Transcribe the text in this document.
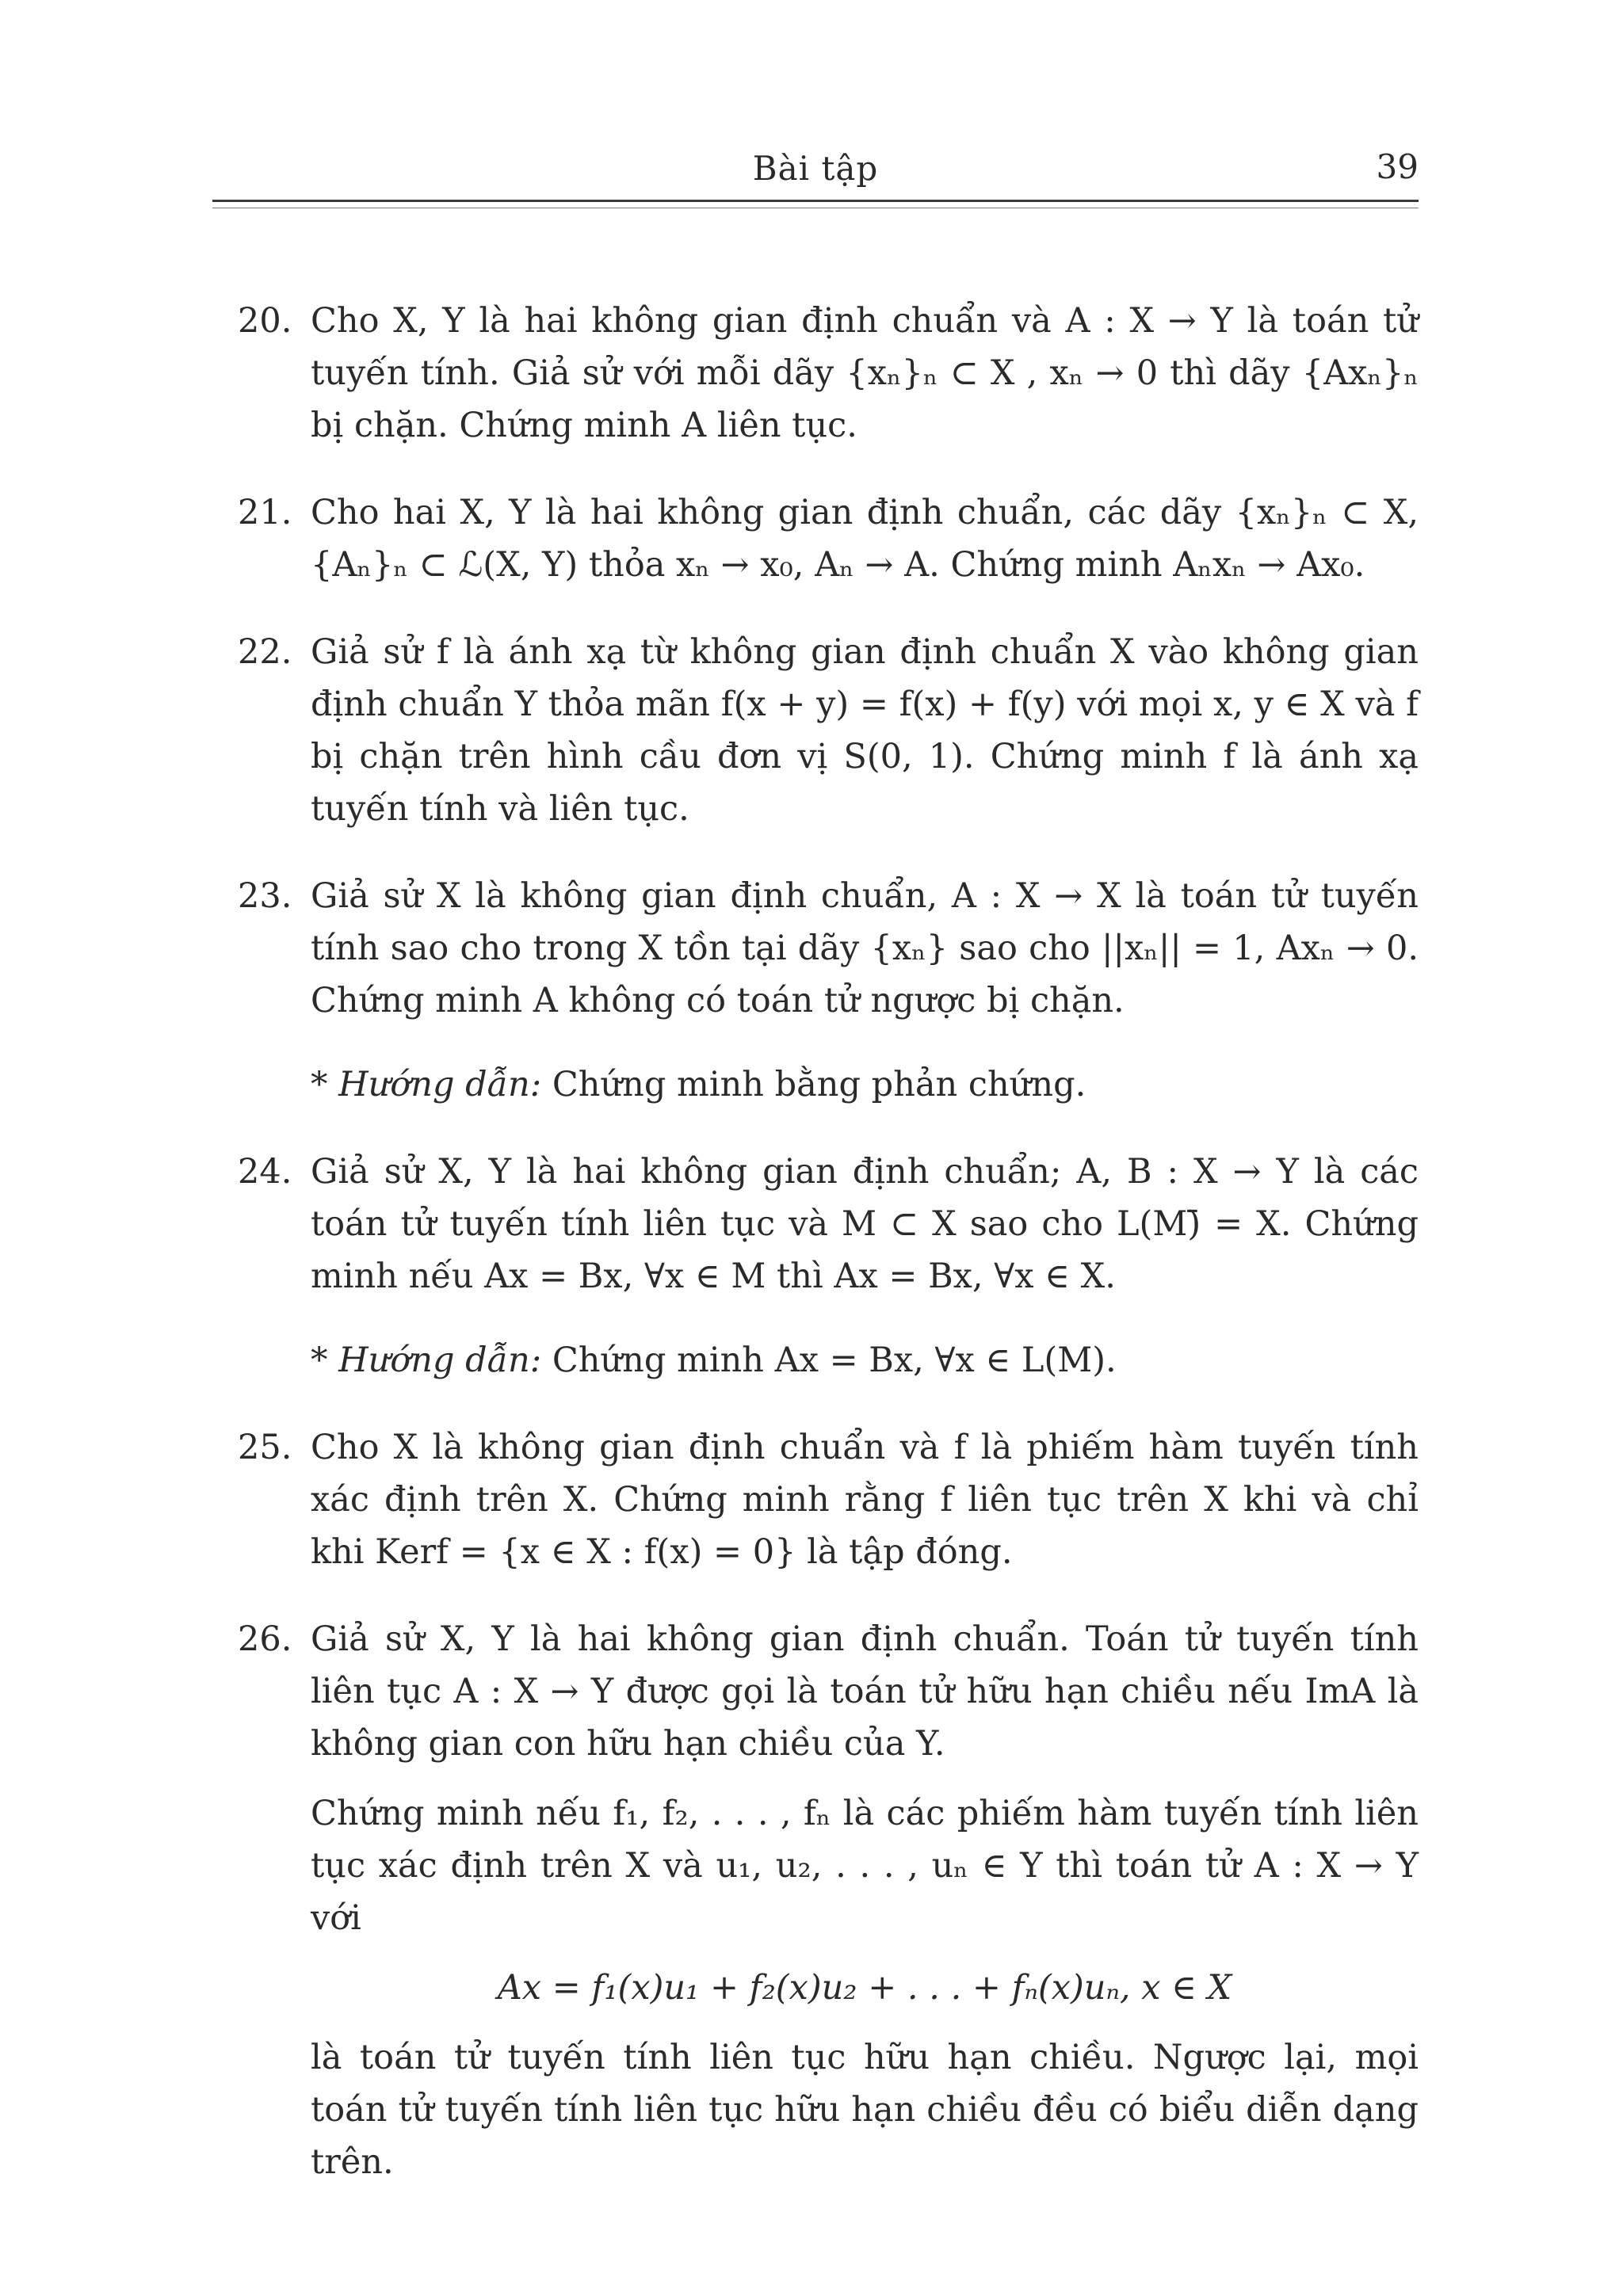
Bài tập	39
20. Cho X, Y là hai không gian định chuẩn và A : X → Y là toán tử tuyến tính. Giả sử với mỗi dãy {xₙ}ₙ ⊂ X , xₙ → 0 thì dãy {Axₙ}ₙ bị chặn. Chứng minh A liên tục.
21. Cho hai X, Y là hai không gian định chuẩn, các dãy {xₙ}ₙ ⊂ X, {Aₙ}ₙ ⊂ ℒ(X, Y) thỏa xₙ → x₀, Aₙ → A. Chứng minh Aₙxₙ → Ax₀.
22. Giả sử f là ánh xạ từ không gian định chuẩn X vào không gian định chuẩn Y thỏa mãn f(x + y) = f(x) + f(y) với mọi x, y ∈ X và f bị chặn trên hình cầu đơn vị S(0, 1). Chứng minh f là ánh xạ tuyến tính và liên tục.
23. Giả sử X là không gian định chuẩn, A : X → X là toán tử tuyến tính sao cho trong X tồn tại dãy {xₙ} sao cho ||xₙ|| = 1, Axₙ → 0. Chứng minh A không có toán tử ngược bị chặn.
* Hướng dẫn: Chứng minh bằng phản chứng.
24. Giả sử X, Y là hai không gian định chuẩn; A, B : X → Y là các toán tử tuyến tính liên tục và M ⊂ X sao cho L(M)̄ = X. Chứng minh nếu Ax = Bx, ∀x ∈ M thì Ax = Bx, ∀x ∈ X.
* Hướng dẫn: Chứng minh Ax = Bx, ∀x ∈ L(M).
25. Cho X là không gian định chuẩn và f là phiếm hàm tuyến tính xác định trên X. Chứng minh rằng f liên tục trên X khi và chỉ khi Kerf = {x ∈ X : f(x) = 0} là tập đóng.
26. Giả sử X, Y là hai không gian định chuẩn. Toán tử tuyến tính liên tục A : X → Y được gọi là toán tử hữu hạn chiều nếu ImA là không gian con hữu hạn chiều của Y.
Chứng minh nếu f₁, f₂, . . . , fₙ là các phiếm hàm tuyến tính liên tục xác định trên X và u₁, u₂, . . . , uₙ ∈ Y thì toán tử A : X → Y với
Ax = f₁(x)u₁ + f₂(x)u₂ + . . . + fₙ(x)uₙ, x ∈ X
là toán tử tuyến tính liên tục hữu hạn chiều. Ngược lại, mọi toán tử tuyến tính liên tục hữu hạn chiều đều có biểu diễn dạng trên.
